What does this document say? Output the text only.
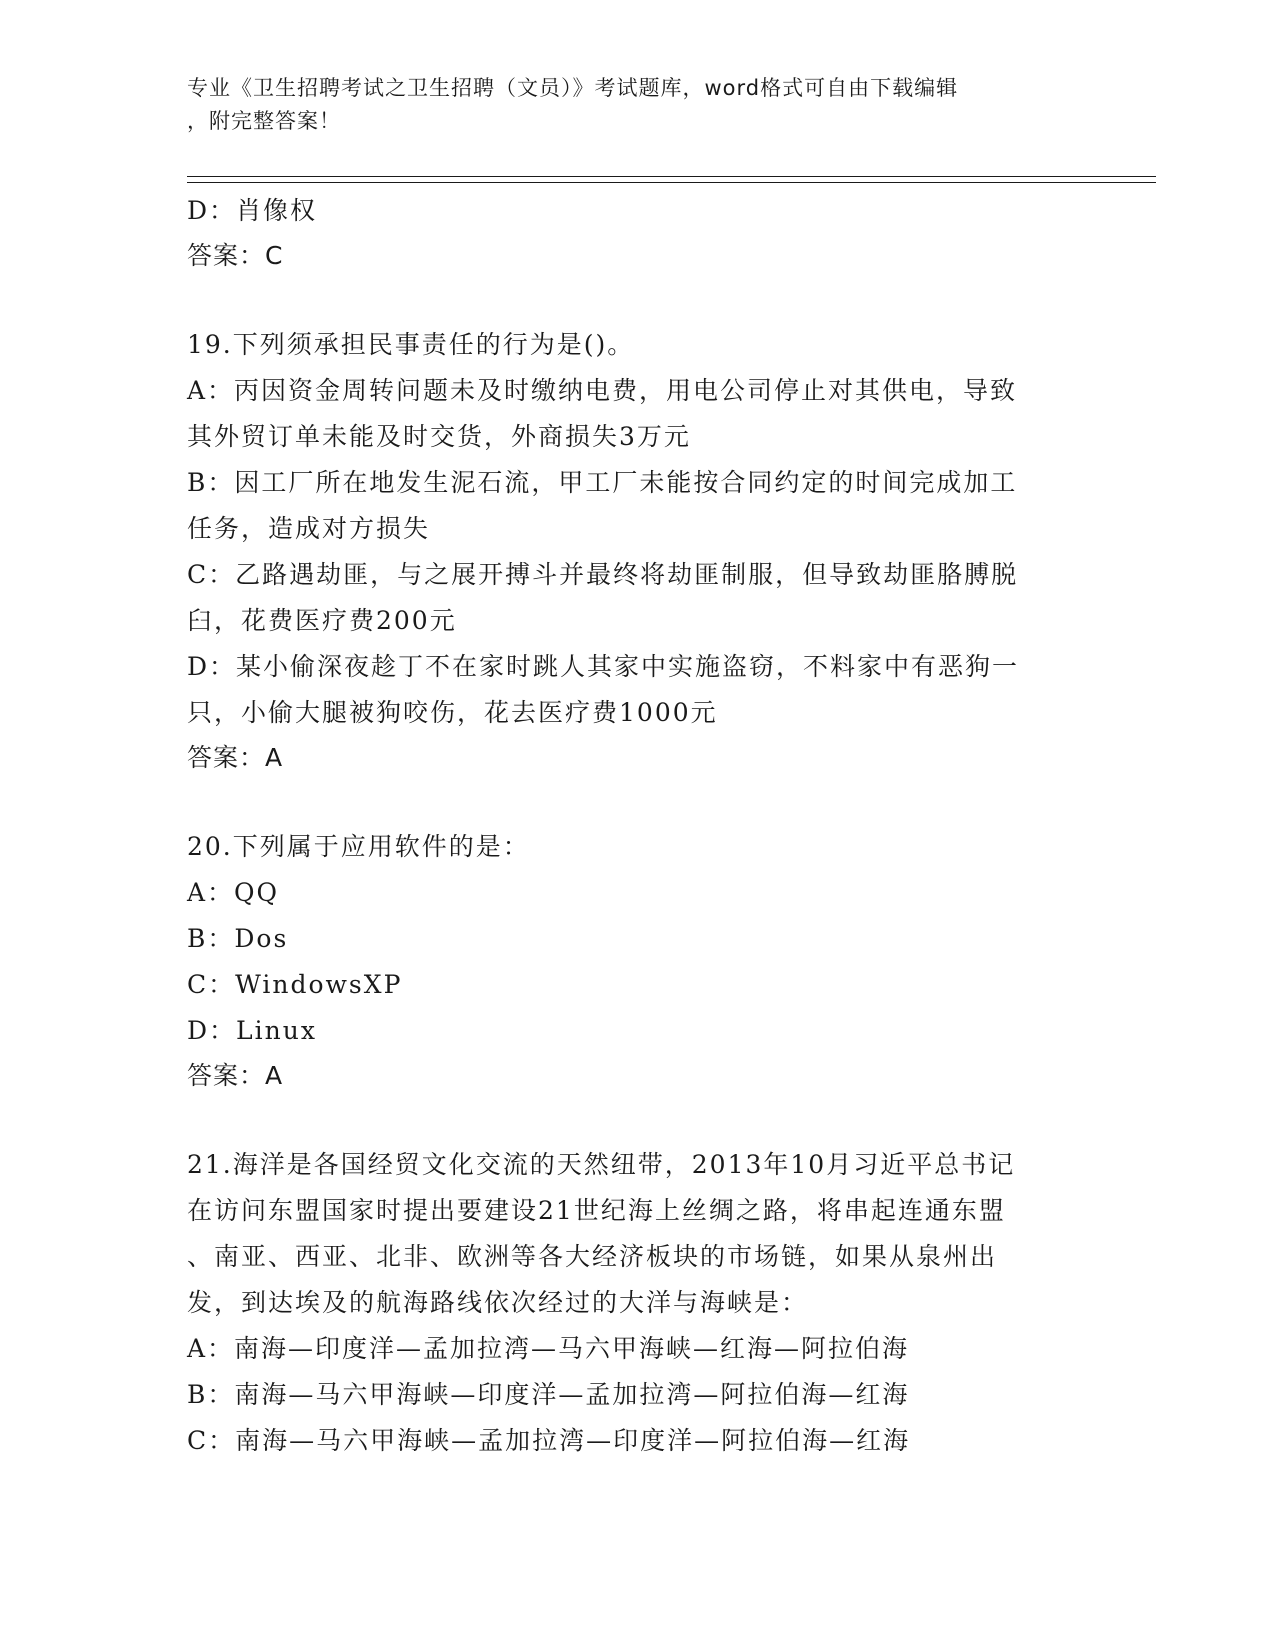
专业《卫生招聘考试之卫生招聘（文员）》考试题库，word格式可自由下载编辑
，附完整答案！
D：肖像权
答案：C
19.下列须承担民事责任的行为是()。
A：丙因资金周转问题未及时缴纳电费，用电公司停止对其供电，导致
其外贸订单未能及时交货，外商损失3万元
B：因工厂所在地发生泥石流，甲工厂未能按合同约定的时间完成加工
任务，造成对方损失
C：乙路遇劫匪，与之展开搏斗并最终将劫匪制服，但导致劫匪胳膊脱
臼，花费医疗费200元
D：某小偷深夜趁丁不在家时跳人其家中实施盗窃，不料家中有恶狗一
只，小偷大腿被狗咬伤，花去医疗费1000元
答案：A
20.下列属于应用软件的是：
A：QQ
B：Dos
C：WindowsXP
D：Linux
答案：A
21.海洋是各国经贸文化交流的天然纽带，2013年10月习近平总书记
在访问东盟国家时提出要建设21世纪海上丝绸之路，将串起连通东盟
、南亚、西亚、北非、欧洲等各大经济板块的市场链，如果从泉州出
发，到达埃及的航海路线依次经过的大洋与海峡是：
A：南海—印度洋—孟加拉湾—马六甲海峡—红海—阿拉伯海
B：南海—马六甲海峡—印度洋—孟加拉湾—阿拉伯海—红海
C：南海—马六甲海峡—孟加拉湾—印度洋—阿拉伯海—红海
